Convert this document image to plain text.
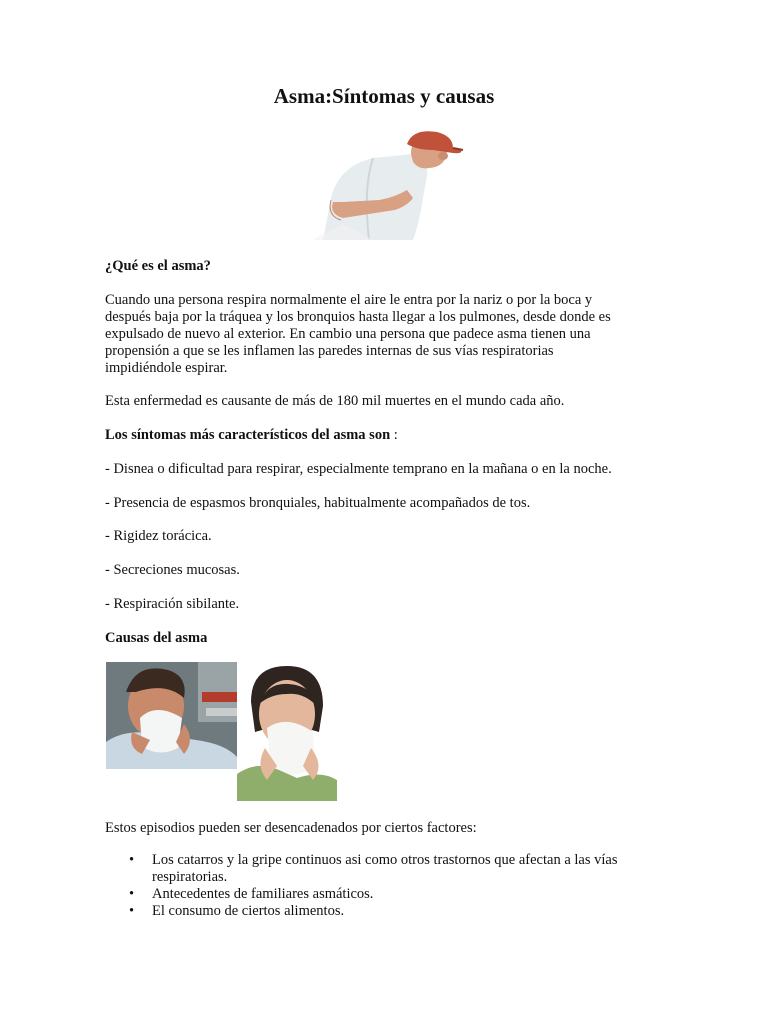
Asma:Síntomas y causas

¿Qué es el asma?

Cuando una persona respira normalmente el aire le entra por la nariz o por la boca y
después baja por la tráquea y los bronquios hasta llegar a los pulmones, desde donde es
expulsado de nuevo al exterior. En cambio una persona que padece asma tienen una
propensión a que se les inflamen las paredes internas de sus vías respiratorias
impidiéndole espirar.

Esta enfermedad es causante de más de 180 mil muertes en el mundo cada año.

Los síntomas más característicos del asma son :

- Disnea o dificultad para respirar, especialmente temprano en la mañana o en la noche.

- Presencia de espasmos bronquiales, habitualmente acompañados de tos.

- Rigidez torácica.

- Secreciones mucosas.

- Respiración sibilante.

Causas del asma

Estos episodios pueden ser desencadenados por ciertos factores:

• Los catarros y la gripe continuos asi como otros trastornos que afectan a las vías
respiratorias.
• Antecedentes de familiares asmáticos.
• El consumo de ciertos alimentos.
